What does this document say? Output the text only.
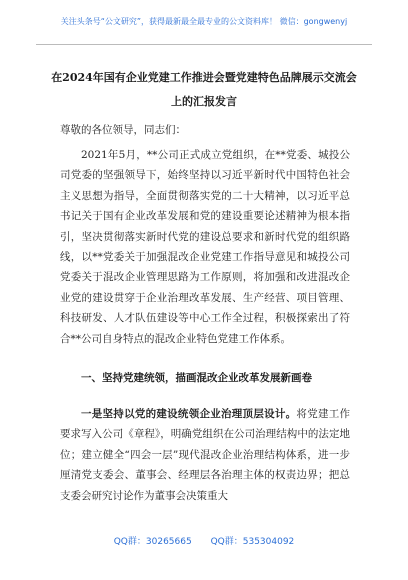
关注头条号“公文研究”，获得最新最全最专业的公文资料库！ 微信：gongwenyj
在2024年国有企业党建工作推进会暨党建特色品牌展示交流会上的汇报发言
尊敬的各位领导，同志们：
2021年5月，**公司正式成立党组织，在**党委、城投公司党委的坚强领导下，始终坚持以习近平新时代中国特色社会主义思想为指导，全面贯彻落实党的二十大精神，以习近平总书记关于国有企业改革发展和党的建设重要论述精神为根本指引，坚决贯彻落实新时代党的建设总要求和新时代党的组织路线，以**党委关于加强混改企业党建工作指导意见和城投公司党委关于混改企业管理思路为工作原则，将加强和改进混改企业党的建设贯穿于企业治理改革发展、生产经营、项目管理、科技研发、人才队伍建设等中心工作全过程，积极探索出了符合**公司自身特点的混改企业特色党建工作体系。
一、坚持党建统领，描画混改企业改革发展新画卷
一是坚持以党的建设统领企业治理顶层设计。将党建工作要求写入公司《章程》，明确党组织在公司治理结构中的法定地位；建立健全“四会一层”现代混改企业治理结构体系，进一步厘清党支委会、董事会、经理层各治理主体的权责边界；把总支委会研究讨论作为董事会决策重大
QQ群：30265665 QQ群：535304092
